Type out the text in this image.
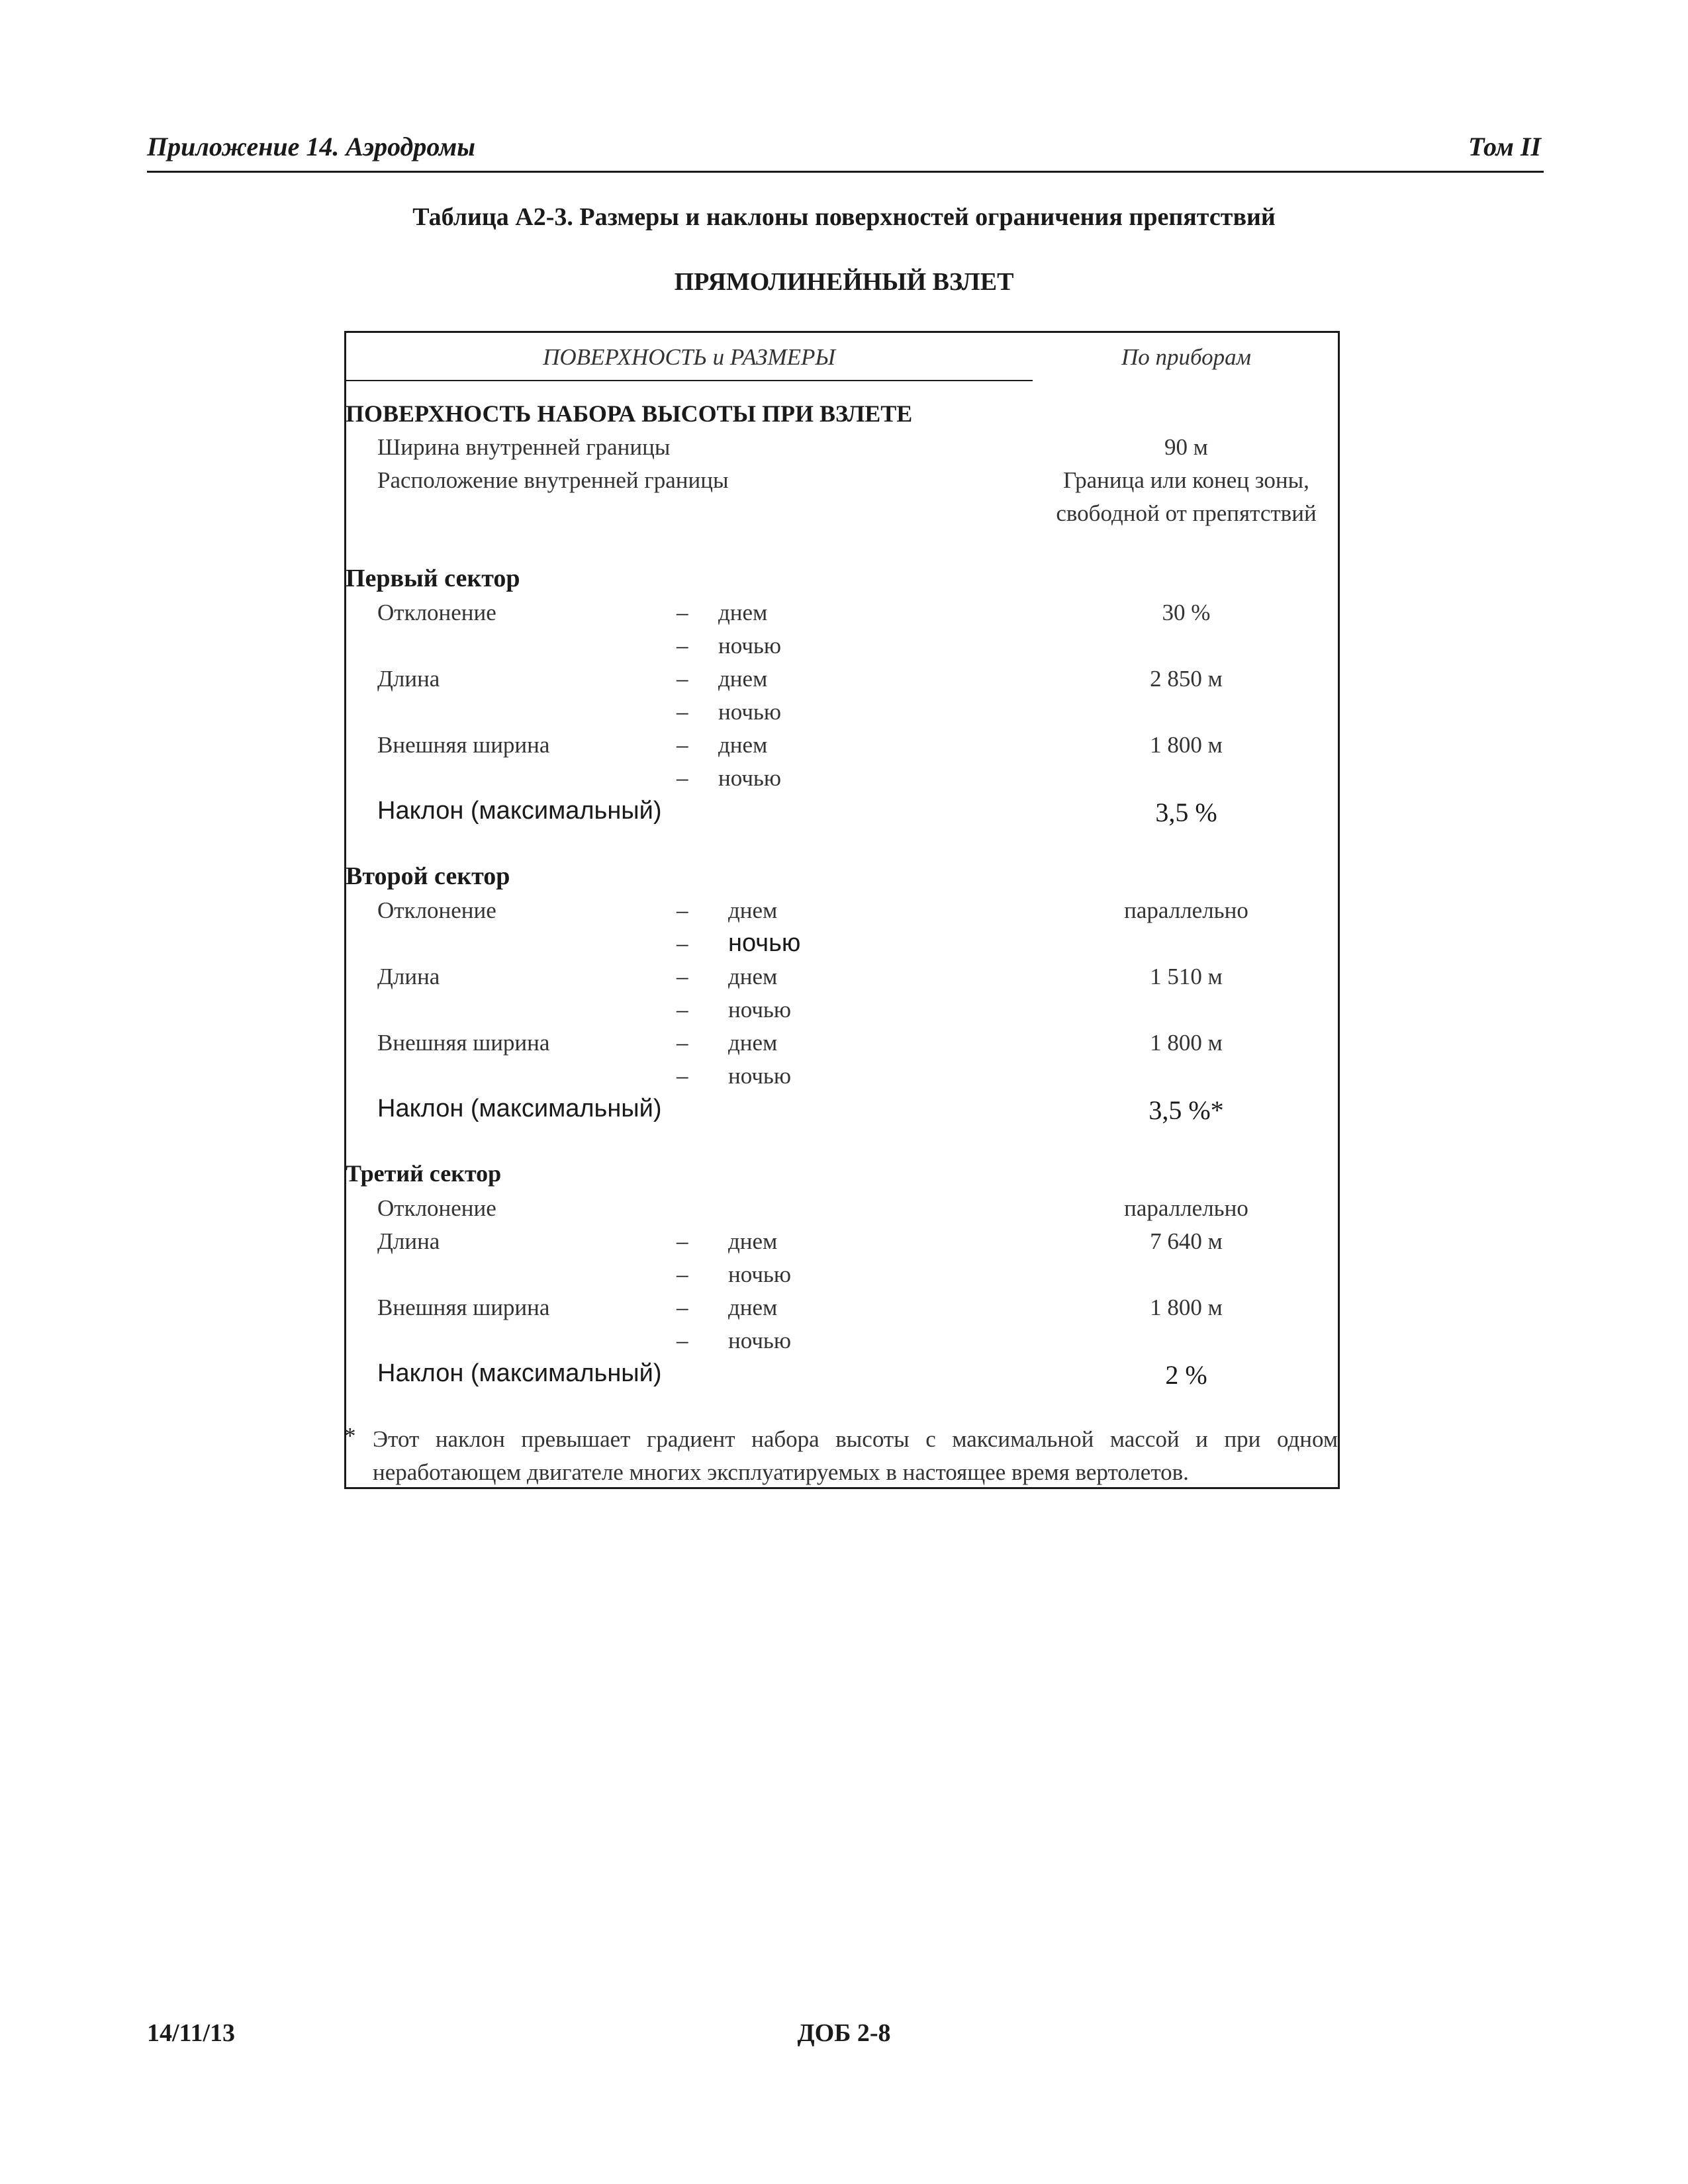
Приложение 14. Аэродромы	Том II
Таблица A2-3. Размеры и наклоны поверхностей ограничения препятствий
ПРЯМОЛИНЕЙНЫЙ ВЗЛЕТ
ПОВЕРХНОСТЬ и РАЗМЕРЫ	По приборам
ПОВЕРХНОСТЬ НАБОРА ВЫСОТЫ ПРИ ВЗЛЕТЕ
Ширина внутренней границы	90 м
Расположение внутренней границы	Граница или конец зоны,
свободной от препятствий
Первый сектор
Отклонение	– днем	30 %
– ночью
Длина	– днем	2 850 м
– ночью
Внешняя ширина	– днем	1 800 м
– ночью
Наклон (максимальный)	3,5 %
Второй сектор
Отклонение	– днем	параллельно
– ночью
Длина	– днем	1 510 м
– ночью
Внешняя ширина	– днем	1 800 м
– ночью
Наклон (максимальный)	3,5 %*
Третий сектор
Отклонение	параллельно
Длина	– днем	7 640 м
– ночью
Внешняя ширина	– днем	1 800 м
– ночью
Наклон (максимальный)	2 %
* Этот наклон превышает градиент набора высоты с максимальной массой и при одном неработающем двигателе многих эксплуатируемых в настоящее время вертолетов.
14/11/13	ДОБ 2-8
